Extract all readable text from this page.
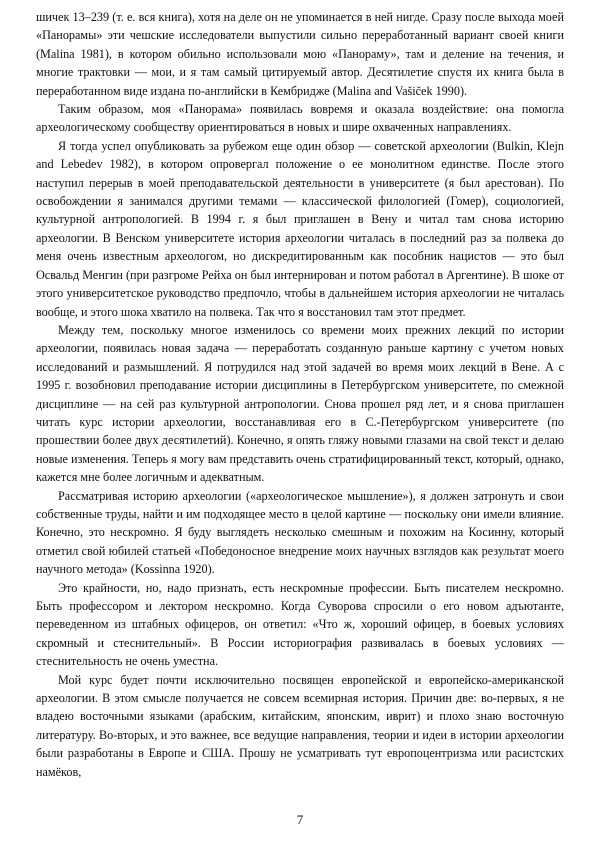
шичек 13–239 (т. е. вся книга), хотя на деле он не упоминается в ней нигде. Сразу после выхода моей «Панорамы» эти чешские исследователи выпустили сильно переработанный вариант своей книги (Malina 1981), в котором обильно использовали мою «Панораму», там и деление на течения, и многие трактовки — мои, и я там самый цитируемый автор. Десятилетие спустя их книга была в переработанном виде издана по-английски в Кембридже (Malina and Vašiček 1990).

Таким образом, моя «Панорама» появилась вовремя и оказала воздействие: она помогла археологическому сообществу ориентироваться в новых и шире охваченных направлениях.

Я тогда успел опубликовать за рубежом еще один обзор — советской археологии (Bulkin, Klejn and Lebedev 1982), в котором опровергал положение о ее монолитном единстве. После этого наступил перерыв в моей преподавательской деятельности в университете (я был арестован). По освобождении я занимался другими темами — классической филологией (Гомер), социологией, культурной антропологией. В 1994 г. я был приглашен в Вену и читал там снова историю археологии. В Венском университете история археологии читалась в последний раз за полвека до меня очень известным археологом, но дискредитированным как пособник нацистов — это был Освальд Менгин (при разгроме Рейха он был интернирован и потом работал в Аргентине). В шоке от этого университетское руководство предпочло, чтобы в дальнейшем история археологии не читалась вообще, и этого шока хватило на полвека. Так что я восстановил там этот предмет.

Между тем, поскольку многое изменилось со времени моих прежних лекций по истории археологии, появилась новая задача — переработать созданную раньше картину с учетом новых исследований и размышлений. Я потрудился над этой задачей во время моих лекций в Вене. А с 1995 г. возобновил преподавание истории дисциплины в Петербургском университете, по смежной дисциплине — на сей раз культурной антропологии. Снова прошел ряд лет, и я снова приглашен читать курс истории археологии, восстанавливая его в С.-Петербургском университете (по прошествии более двух десятилетий). Конечно, я опять гляжу новыми глазами на свой текст и делаю новые изменения. Теперь я могу вам представить очень стратифицированный текст, который, однако, кажется мне более логичным и адекватным.

Рассматривая историю археологии («археологическое мышление»), я должен затронуть и свои собственные труды, найти и им подходящее место в целой картине — поскольку они имели влияние. Конечно, это нескромно. Я буду выглядеть несколько смешным и похожим на Косинну, который отметил свой юбилей статьей «Победоносное внедрение моих научных взглядов как результат моего научного метода» (Kossinna 1920).

Это крайности, но, надо признать, есть нескромные профессии. Быть писателем нескромно. Быть профессором и лектором нескромно. Когда Суворова спросили о его новом адъютанте, переведенном из штабных офицеров, он ответил: «Что ж, хороший офицер, в боевых условиях скромный и стеснительный». В России историография развивалась в боевых условиях — стеснительность не очень уместна.

Мой курс будет почти исключительно посвящен европейской и европейско-американской археологии. В этом смысле получается не совсем всемирная история. Причин две: во-первых, я не владею восточными языками (арабским, китайским, японским, иврит) и плохо знаю восточную литературу. Во-вторых, и это важнее, все ведущие направления, теории и идеи в истории археологии были разработаны в Европе и США. Прошу не усматривать тут европоцентризма или расистских намёков,

7
